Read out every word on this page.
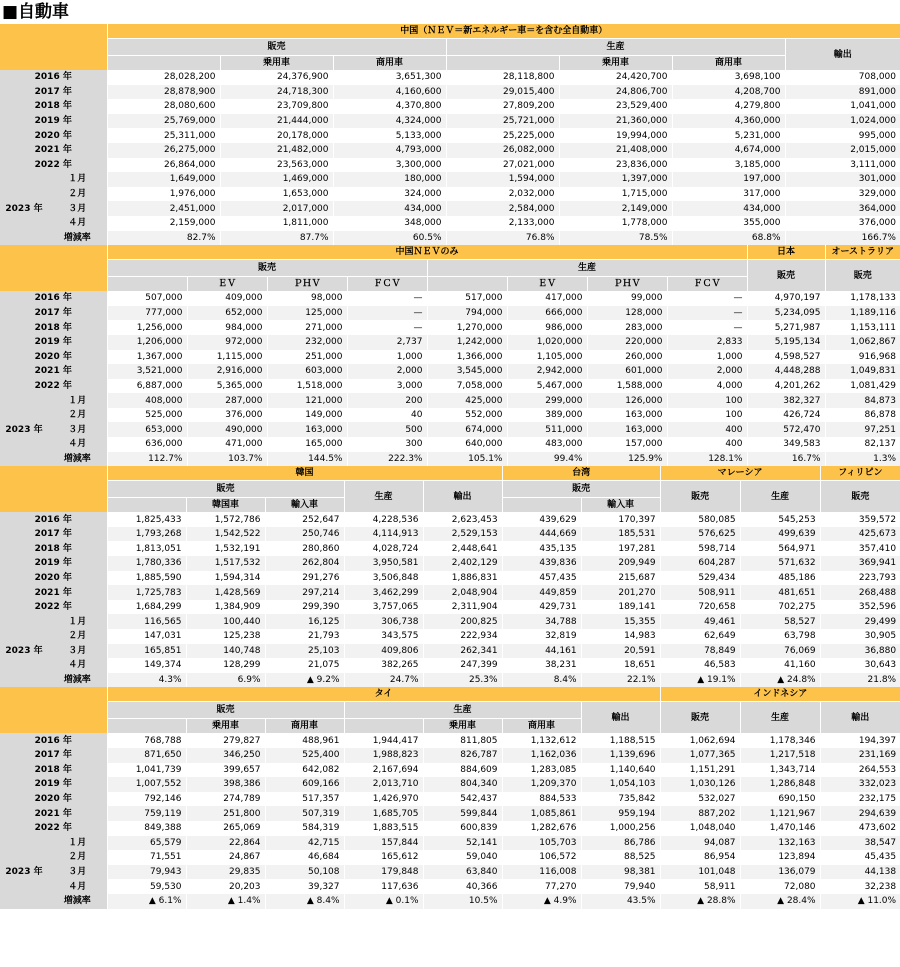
■自動車
		中国（ＮＥＶ＝新エネルギー車＝を含む全自動車）						
		販売			生産			輸出
			乗用車	商用車		乗用車	商用車	
2016 年		28,028,200	24,376,900	3,651,300	28,118,800	24,420,700	3,698,100	708,000
2017 年		28,878,900	24,718,300	4,160,600	29,015,400	24,806,700	4,208,700	891,000
2018 年		28,080,600	23,709,800	4,370,800	27,809,200	23,529,400	4,279,800	1,041,000
2019 年		25,769,000	21,444,000	4,324,000	25,721,000	21,360,000	4,360,000	1,024,000
2020 年		25,311,000	20,178,000	5,133,000	25,225,000	19,994,000	5,231,000	995,000
2021 年		26,275,000	21,482,000	4,793,000	26,082,000	21,408,000	4,674,000	2,015,000
2022 年		26,864,000	23,563,000	3,300,000	27,021,000	23,836,000	3,185,000	3,111,000
2023 年	１月	1,649,000	1,469,000	180,000	1,594,000	1,397,000	197,000	301,000
	２月	1,976,000	1,653,000	324,000	2,032,000	1,715,000	317,000	329,000
	３月	2,451,000	2,017,000	434,000	2,584,000	2,149,000	434,000	364,000
	４月	2,159,000	1,811,000	348,000	2,133,000	1,778,000	355,000	376,000
	増減率	82.7%	87.7%	60.5%	76.8%	78.5%	68.8%	166.7%
		中国ＮＥＶのみ								日本	オーストラリア
		販売				生産				販売	販売
			ＥＶ	ＰＨＶ	ＦＣＶ		ＥＶ	ＰＨＶ	ＦＣＶ		
2016 年		507,000	409,000	98,000	—	517,000	417,000	99,000	—	4,970,197	1,178,133
2017 年		777,000	652,000	125,000	—	794,000	666,000	128,000	—	5,234,095	1,189,116
2018 年		1,256,000	984,000	271,000	—	1,270,000	986,000	283,000	—	5,271,987	1,153,111
2019 年		1,206,000	972,000	232,000	2,737	1,242,000	1,020,000	220,000	2,833	5,195,134	1,062,867
2020 年		1,367,000	1,115,000	251,000	1,000	1,366,000	1,105,000	260,000	1,000	4,598,527	916,968
2021 年		3,521,000	2,916,000	603,000	2,000	3,545,000	2,942,000	601,000	2,000	4,448,288	1,049,831
2022 年		6,887,000	5,365,000	1,518,000	3,000	7,058,000	5,467,000	1,588,000	4,000	4,201,262	1,081,429
2023 年	１月	408,000	287,000	121,000	200	425,000	299,000	126,000	100	382,327	84,873
	２月	525,000	376,000	149,000	40	552,000	389,000	163,000	100	426,724	86,878
	３月	653,000	490,000	163,000	500	674,000	511,000	163,000	400	572,470	97,251
	４月	636,000	471,000	165,000	300	640,000	483,000	157,000	400	349,583	82,137
	増減率	112.7%	103.7%	144.5%	222.3%	105.1%	99.4%	125.9%	128.1%	16.7%	1.3%
		韓国					台湾		マレーシア		フィリピン
		販売			生産	輸出	販売		販売	生産	販売
			韓国車	輸入車				輸入車			
2016 年		1,825,433	1,572,786	252,647	4,228,536	2,623,453	439,629	170,397	580,085	545,253	359,572
2017 年		1,793,268	1,542,522	250,746	4,114,913	2,529,153	444,669	185,531	576,625	499,639	425,673
2018 年		1,813,051	1,532,191	280,860	4,028,724	2,448,641	435,135	197,281	598,714	564,971	357,410
2019 年		1,780,336	1,517,532	262,804	3,950,581	2,402,129	439,836	209,949	604,287	571,632	369,941
2020 年		1,885,590	1,594,314	291,276	3,506,848	1,886,831	457,435	215,687	529,434	485,186	223,793
2021 年		1,725,783	1,428,569	297,214	3,462,299	2,048,904	449,859	201,270	508,911	481,651	268,488
2022 年		1,684,299	1,384,909	299,390	3,757,065	2,311,904	429,731	189,141	720,658	702,275	352,596
2023 年	１月	116,565	100,440	16,125	306,738	200,825	34,788	15,355	49,461	58,527	29,499
	２月	147,031	125,238	21,793	343,575	222,934	32,819	14,983	62,649	63,798	30,905
	３月	165,851	140,748	25,103	409,806	262,341	44,161	20,591	78,849	76,069	36,880
	４月	149,374	128,299	21,075	382,265	247,399	38,231	18,651	46,583	41,160	30,643
	増減率	4.3%	6.9%	▲ 9.2%	24.7%	25.3%	8.4%	22.1%	▲ 19.1%	▲ 24.8%	21.8%
		タイ							インドネシア		
		販売			生産			輸出	販売	生産	輸出
			乗用車	商用車		乗用車	商用車				
2016 年		768,788	279,827	488,961	1,944,417	811,805	1,132,612	1,188,515	1,062,694	1,178,346	194,397
2017 年		871,650	346,250	525,400	1,988,823	826,787	1,162,036	1,139,696	1,077,365	1,217,518	231,169
2018 年		1,041,739	399,657	642,082	2,167,694	884,609	1,283,085	1,140,640	1,151,291	1,343,714	264,553
2019 年		1,007,552	398,386	609,166	2,013,710	804,340	1,209,370	1,054,103	1,030,126	1,286,848	332,023
2020 年		792,146	274,789	517,357	1,426,970	542,437	884,533	735,842	532,027	690,150	232,175
2021 年		759,119	251,800	507,319	1,685,705	599,844	1,085,861	959,194	887,202	1,121,967	294,639
2022 年		849,388	265,069	584,319	1,883,515	600,839	1,282,676	1,000,256	1,048,040	1,470,146	473,602
2023 年	１月	65,579	22,864	42,715	157,844	52,141	105,703	86,786	94,087	132,163	38,547
	２月	71,551	24,867	46,684	165,612	59,040	106,572	88,525	86,954	123,894	45,435
	３月	79,943	29,835	50,108	179,848	63,840	116,008	98,381	101,048	136,079	44,138
	４月	59,530	20,203	39,327	117,636	40,366	77,270	79,940	58,911	72,080	32,238
	増減率	▲ 6.1%	▲ 1.4%	▲ 8.4%	▲ 0.1%	10.5%	▲ 4.9%	43.5%	▲ 28.8%	▲ 28.4%	▲ 11.0%
